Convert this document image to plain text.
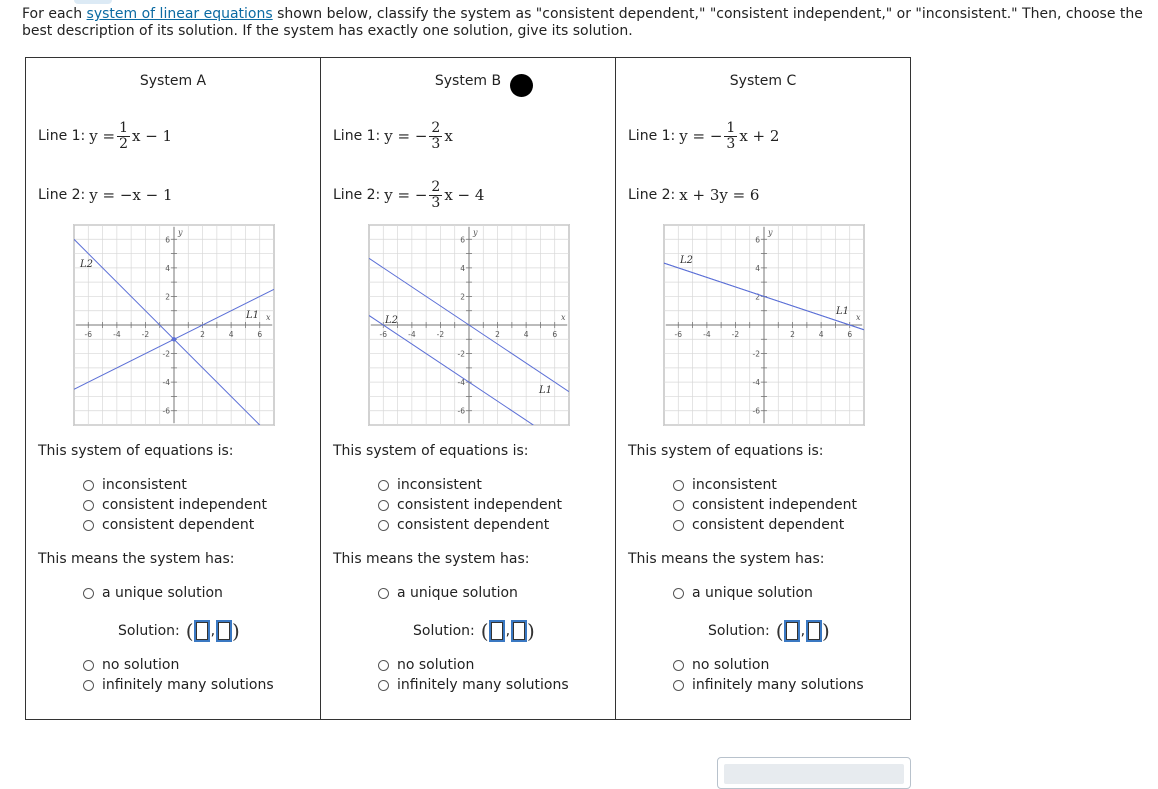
For each system of linear equations shown below, classify the system as "consistent dependent," "consistent independent," or "inconsistent." Then, choose the best description of its solution. If the system has exactly one solution, give its solution.
System A
Line 1: $y = \frac{1}{2}$ x − 1
Line 2: y = −x − 1
-6	-4	-2	2	4	6
6
4
2
-2
-4
-6
x
y
L1
L2
This system of equations is:
inconsistent
consistent independent
consistent dependent
This means the system has:
a unique solution
Solution: ( , )
no solution
infinitely many solutions
System B
Line 1: y = − $\frac{2}{3}$ x
Line 2: y = − $\frac{2}{3}$ x − 4
-6	-4	-2	2	4	6
6
4
2
-2
-4
-6
x
y
L1
L2
This system of equations is:
inconsistent
consistent independent
consistent dependent
This means the system has:
a unique solution
Solution: ( , )
no solution
infinitely many solutions
System C
Line 1: y = − $\frac{1}{3}$ x + 2
Line 2: x + 3y = 6
-6	-4	-2	2	4	6
6
4
2
-2
-4
-6
x
y
L1
L2
This system of equations is:
inconsistent
consistent independent
consistent dependent
This means the system has:
a unique solution
Solution: ( , )
no solution
infinitely many solutions
